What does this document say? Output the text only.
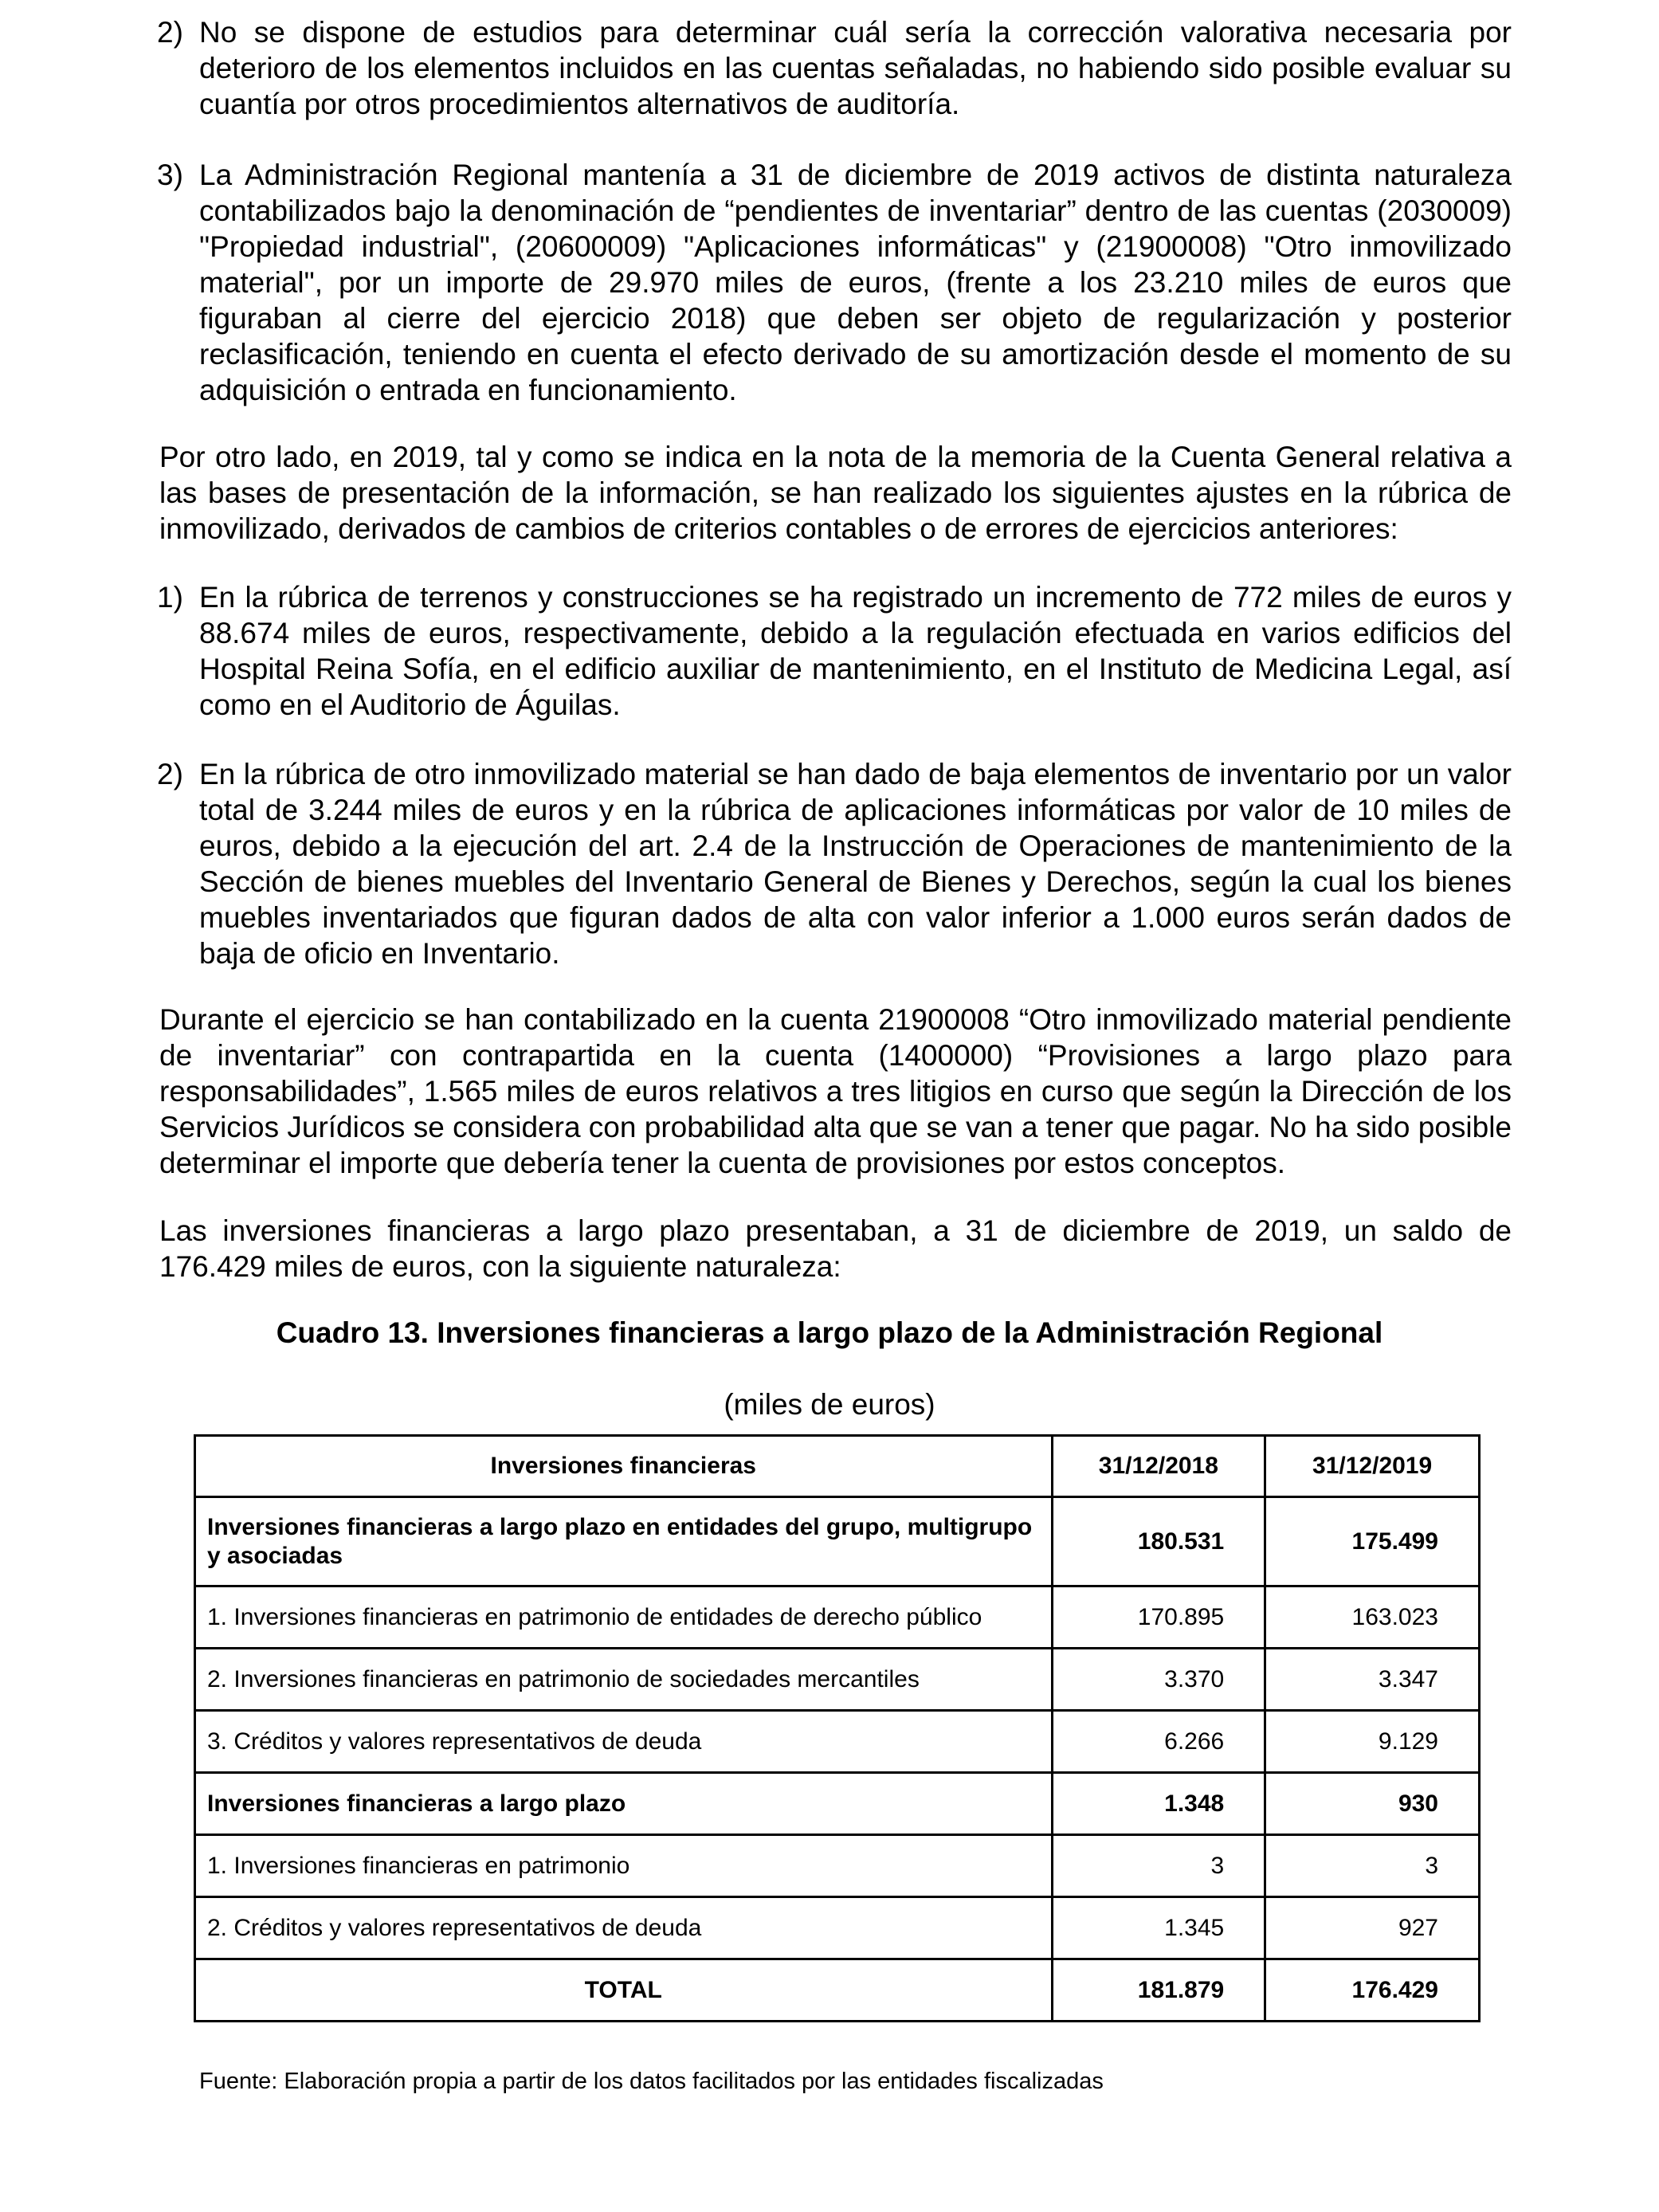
2) No se dispone de estudios para determinar cuál sería la corrección valorativa necesaria por deterioro de los elementos incluidos en las cuentas señaladas, no habiendo sido posible evaluar su cuantía por otros procedimientos alternativos de auditoría.
3) La Administración Regional mantenía a 31 de diciembre de 2019 activos de distinta naturaleza contabilizados bajo la denominación de “pendientes de inventariar” dentro de las cuentas (2030009) "Propiedad industrial", (20600009) "Aplicaciones informáticas" y (21900008) "Otro inmovilizado material", por un importe de 29.970 miles de euros, (frente a los 23.210 miles de euros que figuraban al cierre del ejercicio 2018) que deben ser objeto de regularización y posterior reclasificación, teniendo en cuenta el efecto derivado de su amortización desde el momento de su adquisición o entrada en funcionamiento.
Por otro lado, en 2019, tal y como se indica en la nota de la memoria de la Cuenta General relativa a las bases de presentación de la información, se han realizado los siguientes ajustes en la rúbrica de inmovilizado, derivados de cambios de criterios contables o de errores de ejercicios anteriores:
1) En la rúbrica de terrenos y construcciones se ha registrado un incremento de 772 miles de euros y 88.674 miles de euros, respectivamente, debido a la regulación efectuada en varios edificios del Hospital Reina Sofía, en el edificio auxiliar de mantenimiento, en el Instituto de Medicina Legal, así como en el Auditorio de Águilas.
2) En la rúbrica de otro inmovilizado material se han dado de baja elementos de inventario por un valor total de 3.244 miles de euros y en la rúbrica de aplicaciones informáticas por valor de 10 miles de euros, debido a la ejecución del art. 2.4 de la Instrucción de Operaciones de mantenimiento de la Sección de bienes muebles del Inventario General de Bienes y Derechos, según la cual los bienes muebles inventariados que figuran dados de alta con valor inferior a 1.000 euros serán dados de baja de oficio en Inventario.
Durante el ejercicio se han contabilizado en la cuenta 21900008 “Otro inmovilizado material pendiente de inventariar” con contrapartida en la cuenta (1400000) “Provisiones a largo plazo para responsabilidades”, 1.565 miles de euros relativos a tres litigios en curso que según la Dirección de los Servicios Jurídicos se considera con probabilidad alta que se van a tener que pagar. No ha sido posible determinar el importe que debería tener la cuenta de provisiones por estos conceptos.
Las inversiones financieras a largo plazo presentaban, a 31 de diciembre de 2019, un saldo de 176.429 miles de euros, con la siguiente naturaleza:
Cuadro 13. Inversiones financieras a largo plazo de la Administración Regional
(miles de euros)
Inversiones financieras	31/12/2018	31/12/2019
Inversiones financieras a largo plazo en entidades del grupo, multigrupo y asociadas	180.531	175.499
1. Inversiones financieras en patrimonio de entidades de derecho público	170.895	163.023
2. Inversiones financieras en patrimonio de sociedades mercantiles	3.370	3.347
3. Créditos y valores representativos de deuda	6.266	9.129
Inversiones financieras a largo plazo	1.348	930
1. Inversiones financieras en patrimonio	3	3
2. Créditos y valores representativos de deuda	1.345	927
TOTAL	181.879	176.429
Fuente: Elaboración propia a partir de los datos facilitados por las entidades fiscalizadas
